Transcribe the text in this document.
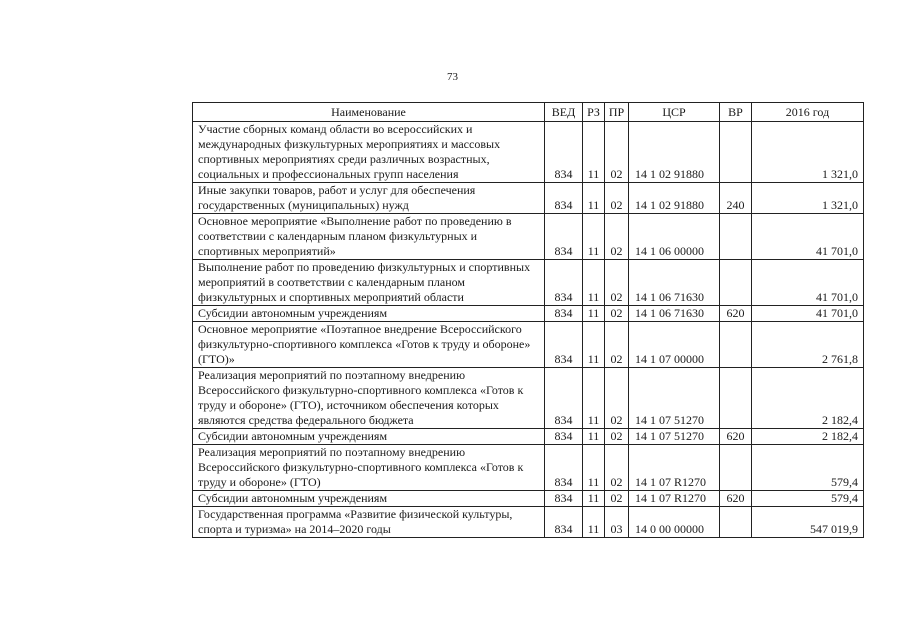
73
Наименование	ВЕД	РЗ	ПР	ЦСР	ВР	2016 год
Участие сборных команд области во всероссийских и международных физкультурных мероприятиях и массовых спортивных мероприятиях среди различных возрастных, социальных и профессиональных групп населения	834	11	02	14 1 02 91880		1 321,0
Иные закупки товаров, работ и услуг для обеспечения государственных (муниципальных) нужд	834	11	02	14 1 02 91880	240	1 321,0
Основное мероприятие «Выполнение работ по проведению в соответствии с календарным планом физкультурных и спортивных мероприятий»	834	11	02	14 1 06 00000		41 701,0
Выполнение работ по проведению физкультурных и спортивных мероприятий в соответствии с календарным планом физкультурных и спортивных мероприятий области	834	11	02	14 1 06 71630		41 701,0
Субсидии автономным учреждениям	834	11	02	14 1 06 71630	620	41 701,0
Основное мероприятие «Поэтапное внедрение Всероссийского физкультурно-спортивного комплекса «Готов к труду и обороне» (ГТО)»	834	11	02	14 1 07 00000		2 761,8
Реализация мероприятий по поэтапному внедрению Всероссийского физкультурно-спортивного комплекса «Готов к труду и обороне» (ГТО), источником обеспечения которых являются средства федерального бюджета	834	11	02	14 1 07 51270		2 182,4
Субсидии автономным учреждениям	834	11	02	14 1 07 51270	620	2 182,4
Реализация мероприятий по поэтапному внедрению Всероссийского физкультурно-спортивного комплекса «Готов к труду и обороне» (ГТО)	834	11	02	14 1 07 R1270		579,4
Субсидии автономным учреждениям	834	11	02	14 1 07 R1270	620	579,4
Государственная программа «Развитие физической культуры, спорта и туризма» на 2014–2020 годы	834	11	03	14 0 00 00000		547 019,9
